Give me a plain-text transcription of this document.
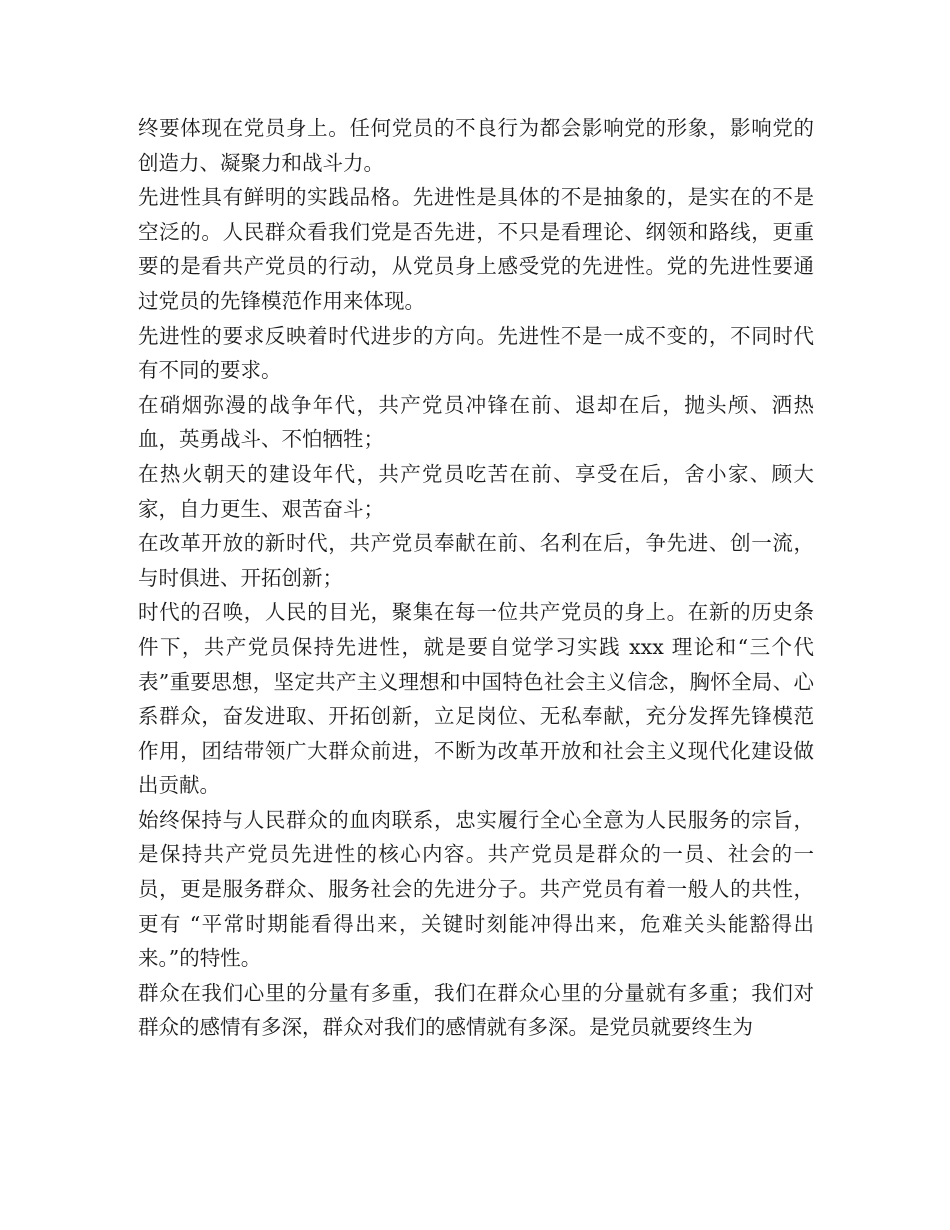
终要体现在党员身上。任何党员的不良行为都会影响党的形象，影响党的创造力、凝聚力和战斗力。

先进性具有鲜明的实践品格。先进性是具体的不是抽象的，是实在的不是空泛的。人民群众看我们党是否先进，不只是看理论、纲领和路线，更重要的是看共产党员的行动，从党员身上感受党的先进性。党的先进性要通过党员的先锋模范作用来体现。

先进性的要求反映着时代进步的方向。先进性不是一成不变的，不同时代有不同的要求。

在硝烟弥漫的战争年代，共产党员冲锋在前、退却在后，抛头颅、洒热血，英勇战斗、不怕牺牲；

在热火朝天的建设年代，共产党员吃苦在前、享受在后，舍小家、顾大家，自力更生、艰苦奋斗；

在改革开放的新时代，共产党员奉献在前、名利在后，争先进、创一流，与时俱进、开拓创新；

时代的召唤，人民的目光，聚集在每一位共产党员的身上。在新的历史条件下，共产党员保持先进性，就是要自觉学习实践 xxx 理论和“三个代表”重要思想，坚定共产主义理想和中国特色社会主义信念，胸怀全局、心系群众，奋发进取、开拓创新，立足岗位、无私奉献，充分发挥先锋模范作用，团结带领广大群众前进，不断为改革开放和社会主义现代化建设做出贡献。

始终保持与人民群众的血肉联系，忠实履行全心全意为人民服务的宗旨，是保持共产党员先进性的核心内容。共产党员是群众的一员、社会的一员，更是服务群众、服务社会的先进分子。共产党员有着一般人的共性，更有 “平常时期能看得出来，关键时刻能冲得出来，危难关头能豁得出来。”的特性。

群众在我们心里的分量有多重，我们在群众心里的分量就有多重；我们对群众的感情有多深，群众对我们的感情就有多深。是党员就要终生为
